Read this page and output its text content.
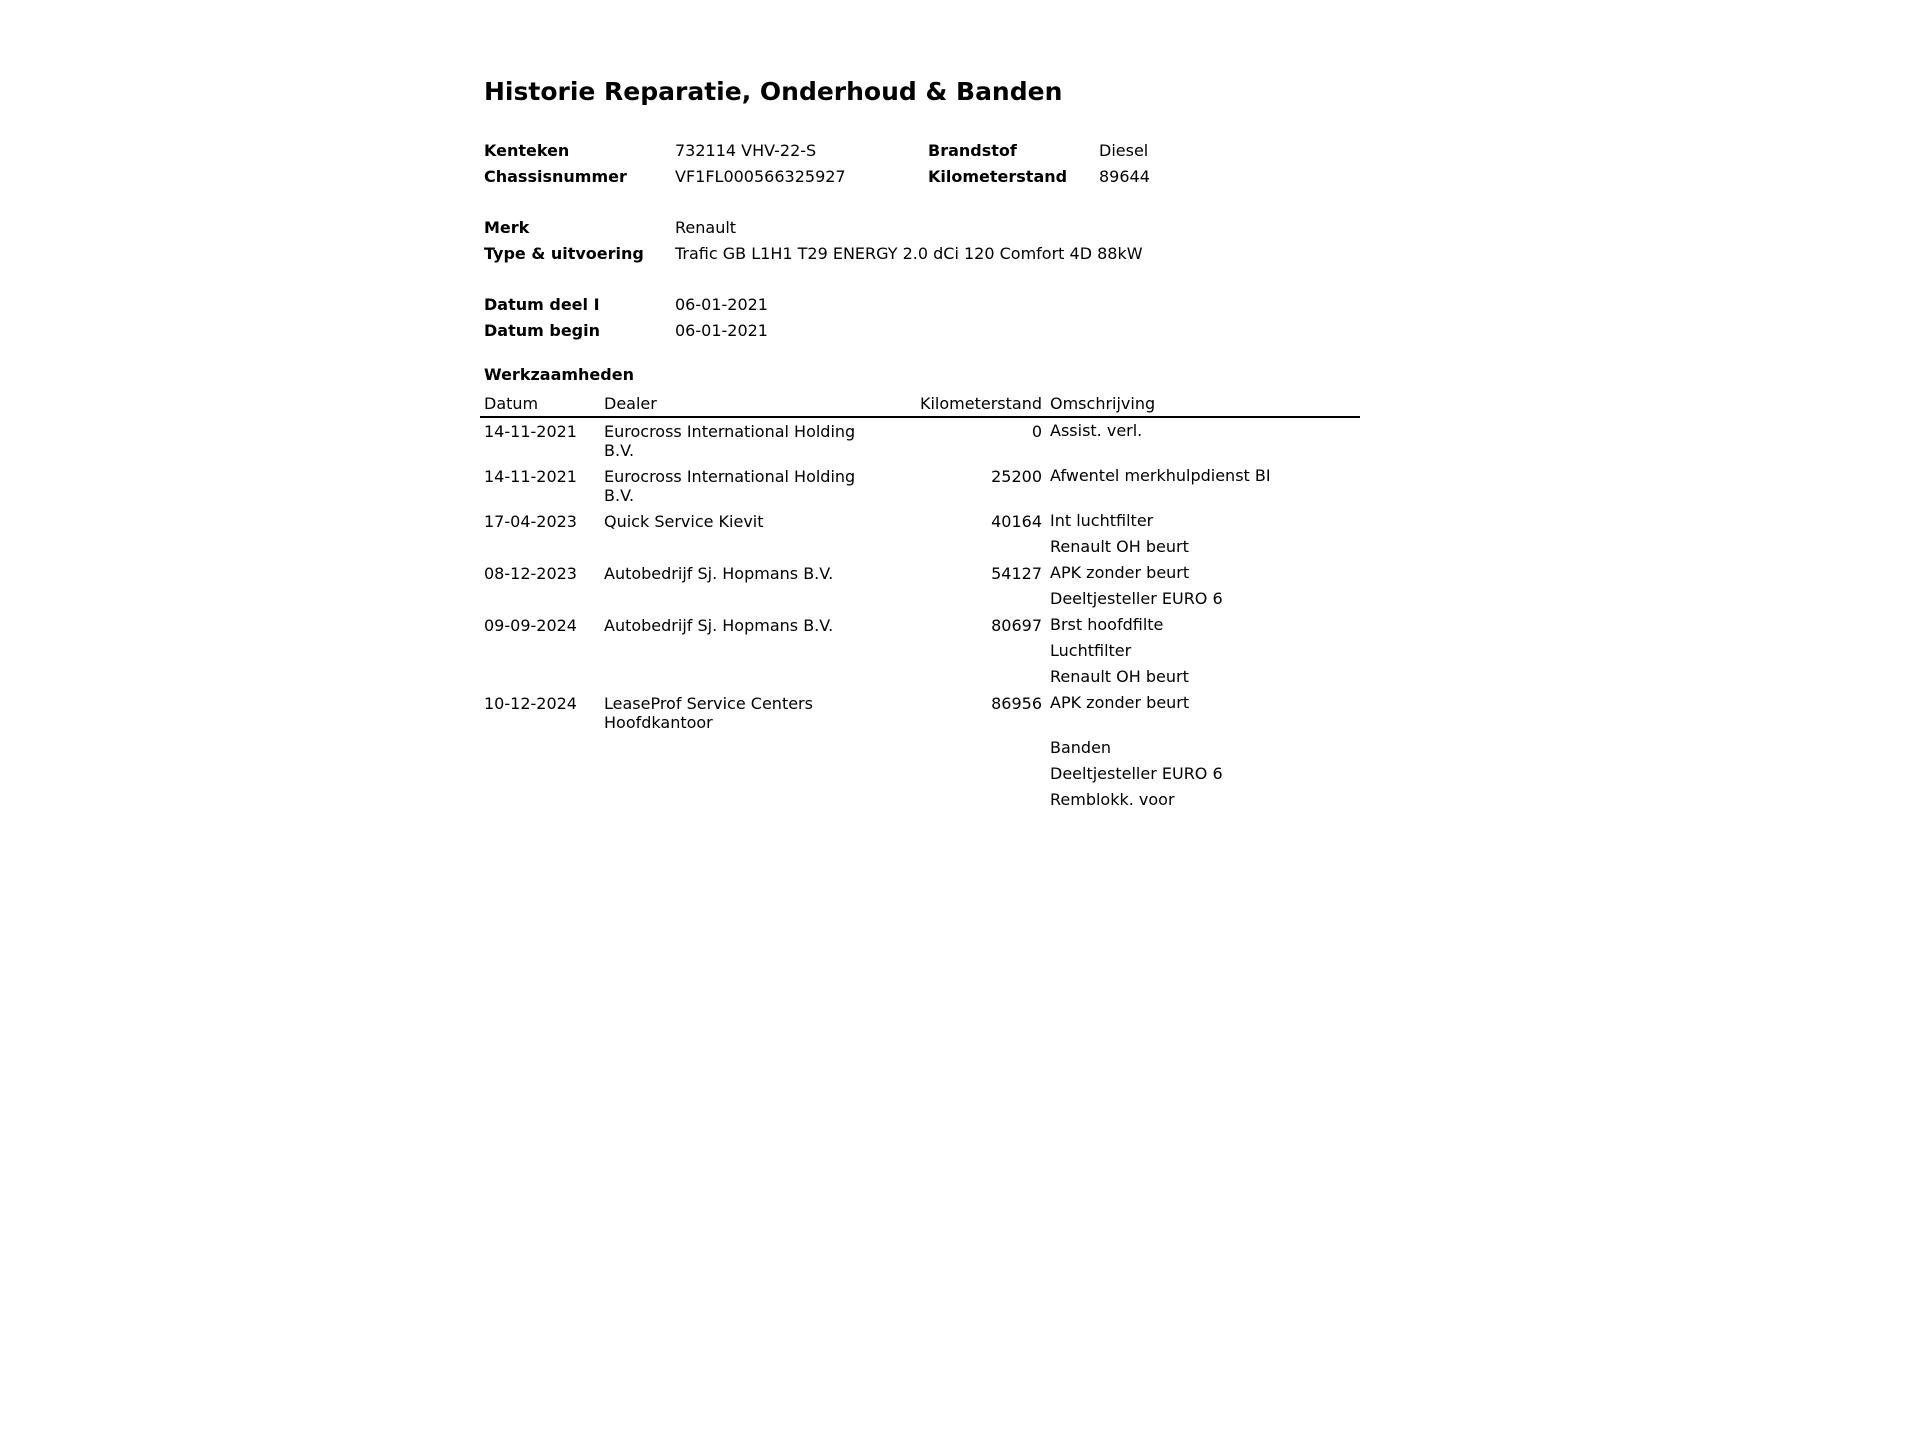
Historie Reparatie, Onderhoud & Banden
Kenteken	732114 VHV-22-S	Brandstof	Diesel
Chassisnummer	VF1FL000566325927	Kilometerstand 89644
Merk	Renault
Type & uitvoering Trafic GB L1H1 T29 ENERGY 2.0 dCi 120 Comfort 4D 88kW
Datum deel I	06-01-2021
Datum begin	06-01-2021
Werkzaamheden
Datum	Dealer	Kilometerstand	Omschrijving
14-11-2021	Eurocross International Holding B.V.	0	Assist. verl.

14-11-2021	Eurocross International Holding B.V.	25200	Afwentel merkhulpdienst BI

17-04-2023	Quick Service Kievit	40164	Int luchtfilter
Renault OH beurt

08-12-2023	Autobedrijf Sj. Hopmans B.V.	54127	APK zonder beurt
Deeltjesteller EURO 6

09-09-2024	Autobedrijf Sj. Hopmans B.V.	80697	Brst hoofdfilte
Luchtfilter
Renault OH beurt

10-12-2024	LeaseProf Service Centers Hoofdkantoor	86956	APK zonder beurt
Banden
Deeltjesteller EURO 6
Remblokk. voor
